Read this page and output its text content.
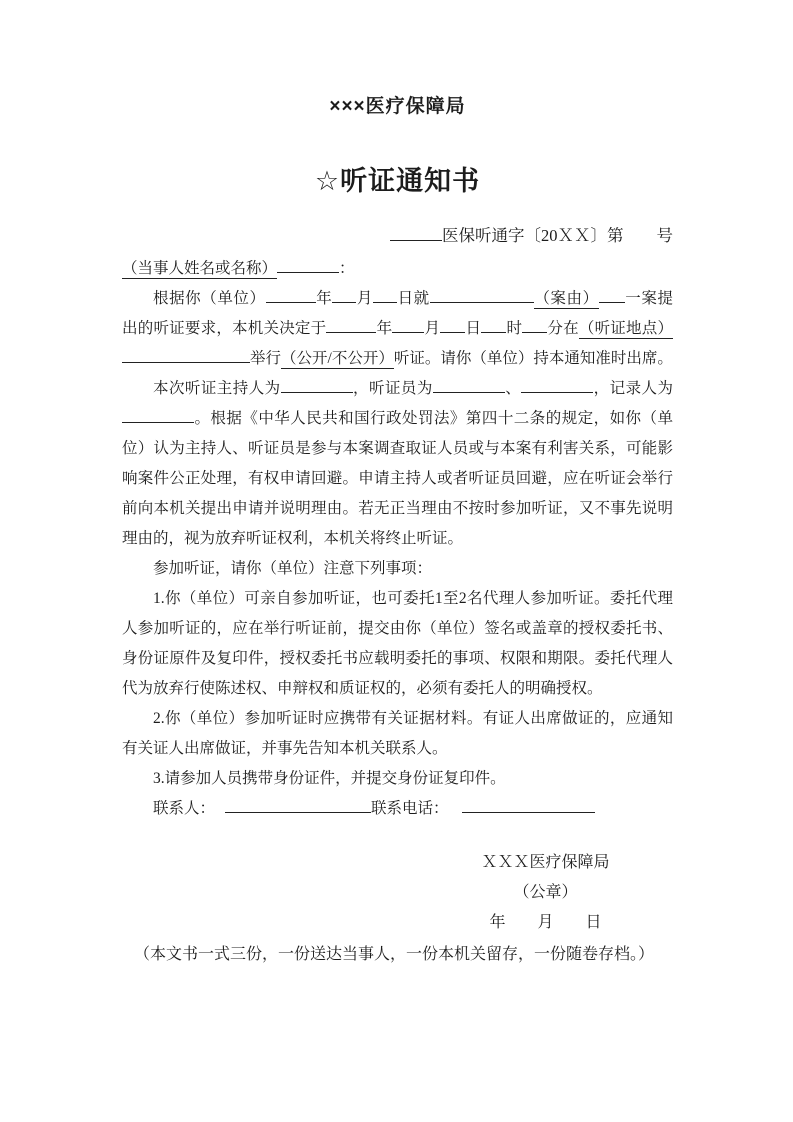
×××医疗保障局
☆听证通知书
医保听通字〔20ＸＸ〕第　　号

（当事人姓名或名称）	：

根据你（单位）	年 月 日就	（案由） 一案提出的听证要求，本机关决定于	年 月 日 时 分在（听证地点）举行（公开/不公开）听证。请你（单位）持本通知准时出席。

本次听证主持人为	，听证员为	、	，记录人为。根据《中华人民共和国行政处罚法》第四十二条的规定，如你（单位）认为主持人、听证员是参与本案调查取证人员或与本案有利害关系，可能影响案件公正处理，有权申请回避。申请主持人或者听证员回避，应在听证会举行前向本机关提出申请并说明理由。若无正当理由不按时参加听证，又不事先说明理由的，视为放弃听证权利，本机关将终止听证。

参加听证，请你（单位）注意下列事项：

1.你（单位）可亲自参加听证，也可委托1至2名代理人参加听证。委托代理人参加听证的，应在举行听证前，提交由你（单位）签名或盖章的授权委托书、身份证原件及复印件，授权委托书应载明委托的事项、权限和期限。委托代理人代为放弃行使陈述权、申辩权和质证权的，必须有委托人的明确授权。

2.你（单位）参加听证时应携带有关证据材料。有证人出席做证的，应通知有关证人出席做证，并事先告知本机关联系人。

3.请参加人员携带身份证件，并提交身份证复印件。

联系人：	联系电话：

ＸＸＸ医疗保障局
（公章）
年　　月　　日
（本文书一式三份，一份送达当事人，一份本机关留存，一份随卷存档。）
